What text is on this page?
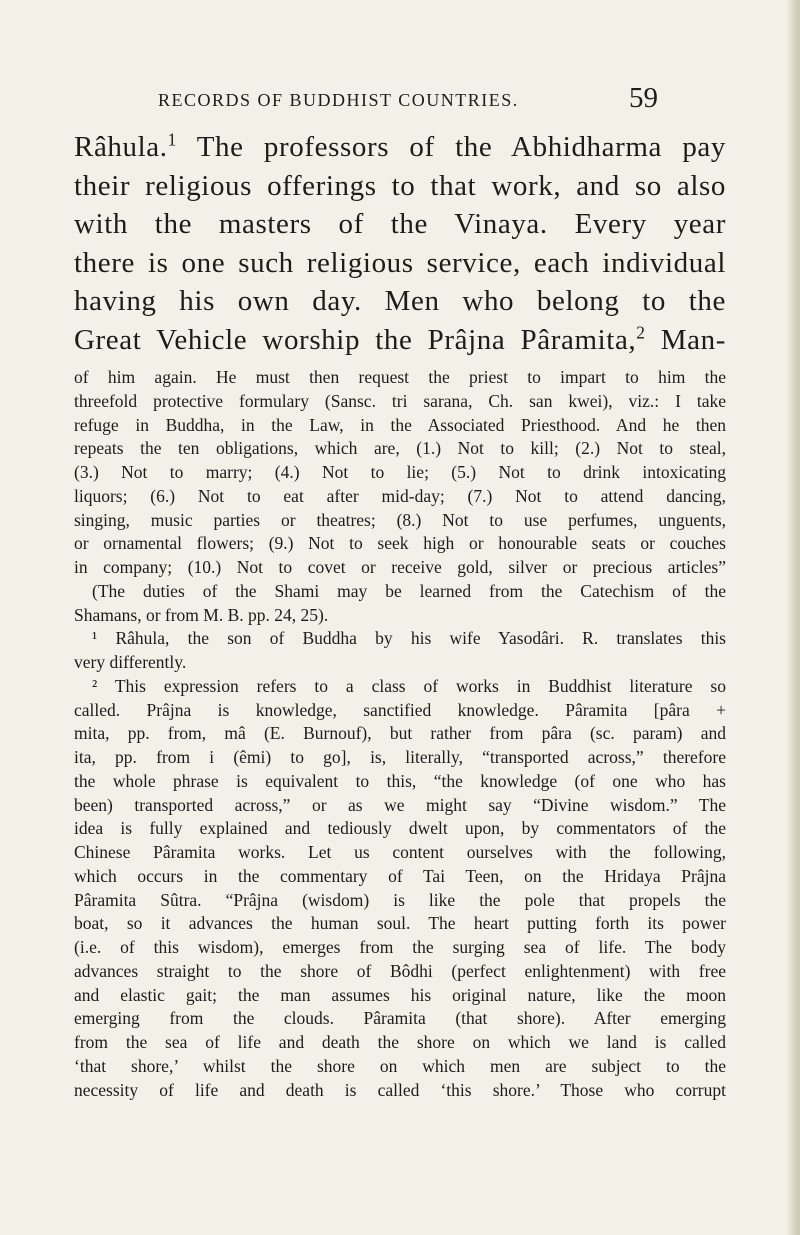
RECORDS OF BUDDHIST COUNTRIES.	59
Râhula.$^1$ The professors of the Abhidharma pay
their religious offerings to that work, and so also
with the masters of the Vinaya. Every year
there is one such religious service, each individual
having his own day. Men who belong to the
Great Vehicle worship the Prâjna Pâramita,$^2$ Man-
of him again. He must then request the priest to impart to him the
threefold protective formulary (Sansc. tri sarana, Ch. san kwei), viz.: I take
refuge in Buddha, in the Law, in the Associated Priesthood. And he then
repeats the ten obligations, which are, (1.) Not to kill; (2.) Not to steal,
(3.) Not to marry; (4.) Not to lie; (5.) Not to drink intoxicating
liquors; (6.) Not to eat after mid-day; (7.) Not to attend dancing,
singing, music parties or theatres; (8.) Not to use perfumes, unguents,
or ornamental flowers; (9.) Not to seek high or honourable seats or couches
in company; (10.) Not to covet or receive gold, silver or precious articles”
(The duties of the Shami may be learned from the Catechism of the
Shamans, or from M. B. pp. 24, 25).
¹ Râhula, the son of Buddha by his wife Yasodâri. R. translates this
very differently.
² This expression refers to a class of works in Buddhist literature so
called. Prâjna is knowledge, sanctified knowledge. Pâramita [pâra +
mita, pp. from, mâ (E. Burnouf), but rather from pâra (sc. param) and
ita, pp. from i (êmi) to go], is, literally, “transported across,” therefore
the whole phrase is equivalent to this, “the knowledge (of one who has
been) transported across,” or as we might say “Divine wisdom.” The
idea is fully explained and tediously dwelt upon, by commentators of the
Chinese Pâramita works. Let us content ourselves with the following,
which occurs in the commentary of Tai Teen, on the Hridaya Prâjna
Pâramita Sûtra. “Prâjna (wisdom) is like the pole that propels the
boat, so it advances the human soul. The heart putting forth its power
(i.e. of this wisdom), emerges from the surging sea of life. The body
advances straight to the shore of Bôdhi (perfect enlightenment) with free
and elastic gait; the man assumes his original nature, like the moon
emerging from the clouds. Pâramita (that shore). After emerging
from the sea of life and death the shore on which we land is called
‘that shore,’ whilst the shore on which men are subject to the
necessity of life and death is called ‘this shore.’ Those who corrupt
